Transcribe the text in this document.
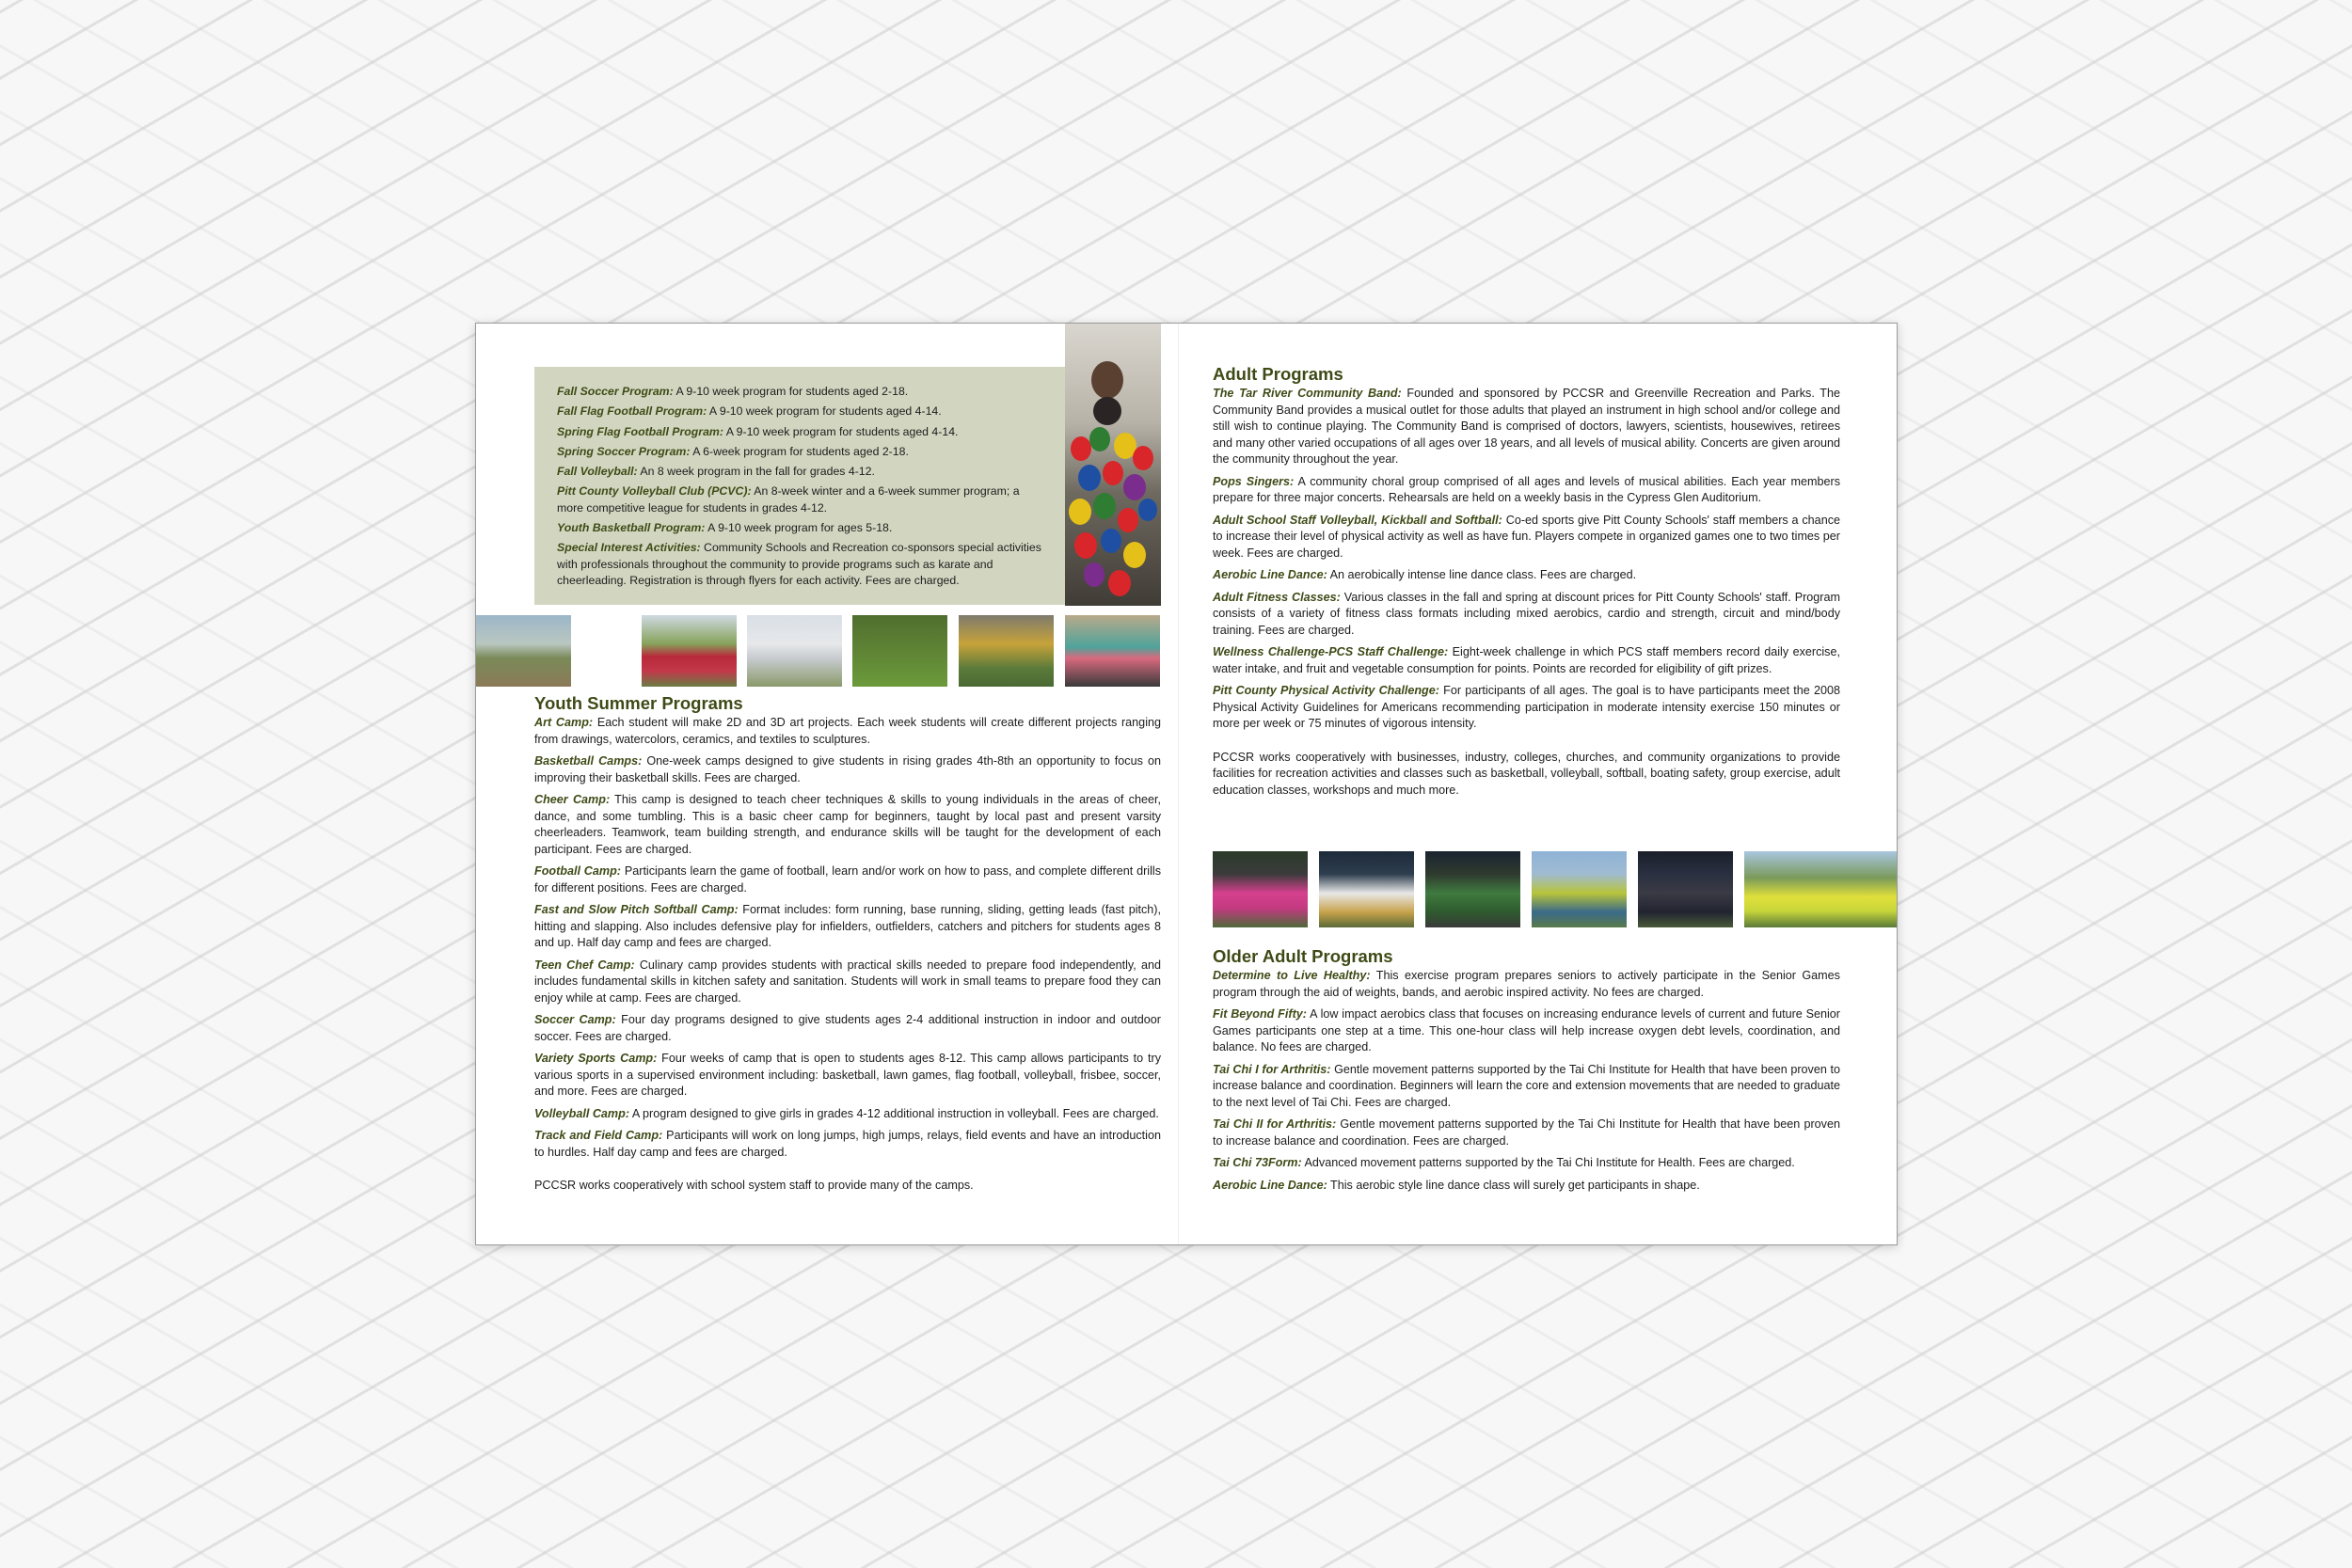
Fall Soccer Program: A 9-10 week program for students aged 2-18.

Fall Flag Football Program: A 9-10 week program for students aged 4-14.

Spring Flag Football Program: A 9-10 week program for students aged 4-14.

Spring Soccer Program: A 6-week program for students aged 2-18.

Fall Volleyball: An 8 week program in the fall for grades 4-12.

Pitt County Volleyball Club (PCVC): An 8-week winter and a 6-week summer program; a more competitive league for students in grades 4-12.

Youth Basketball Program: A 9-10 week program for ages 5-18.

Special Interest Activities: Community Schools and Recreation co-sponsors special activities with professionals throughout the community to provide programs such as karate and cheerleading. Registration is through flyers for each activity. Fees are charged.

Youth Summer Programs

Art Camp: Each student will make 2D and 3D art projects. Each week students will create different projects ranging from drawings, watercolors, ceramics, and textiles to sculptures.

Basketball Camps: One-week camps designed to give students in rising grades 4th-8th an opportunity to focus on improving their basketball skills. Fees are charged.

Cheer Camp: This camp is designed to teach cheer techniques & skills to young individuals in the areas of cheer, dance, and some tumbling. This is a basic cheer camp for beginners, taught by local past and present varsity cheerleaders. Teamwork, team building strength, and endurance skills will be taught for the development of each participant. Fees are charged.

Football Camp: Participants learn the game of football, learn and/or work on how to pass, and complete different drills for different positions. Fees are charged.

Fast and Slow Pitch Softball Camp: Format includes: form running, base running, sliding, getting leads (fast pitch), hitting and slapping. Also includes defensive play for infielders, outfielders, catchers and pitchers for students ages 8 and up. Half day camp and fees are charged.

Teen Chef Camp: Culinary camp provides students with practical skills needed to prepare food independently, and includes fundamental skills in kitchen safety and sanitation. Students will work in small teams to prepare food they can enjoy while at camp. Fees are charged.

Soccer Camp: Four day programs designed to give students ages 2-4 additional instruction in indoor and outdoor soccer. Fees are charged.

Variety Sports Camp: Four weeks of camp that is open to students ages 8-12. This camp allows participants to try various sports in a supervised environment including: basketball, lawn games, flag football, volleyball, frisbee, soccer, and more. Fees are charged.

Volleyball Camp: A program designed to give girls in grades 4-12 additional instruction in volleyball. Fees are charged.

Track and Field Camp: Participants will work on long jumps, high jumps, relays, field events and have an introduction to hurdles. Half day camp and fees are charged.

PCCSR works cooperatively with school system staff to provide many of the camps.

Adult Programs

The Tar River Community Band: Founded and sponsored by PCCSR and Greenville Recreation and Parks. The Community Band provides a musical outlet for those adults that played an instrument in high school and/or college and still wish to continue playing. The Community Band is comprised of doctors, lawyers, scientists, housewives, retirees and many other varied occupations of all ages over 18 years, and all levels of musical ability. Concerts are given around the community throughout the year.

Pops Singers: A community choral group comprised of all ages and levels of musical abilities. Each year members prepare for three major concerts. Rehearsals are held on a weekly basis in the Cypress Glen Auditorium.

Adult School Staff Volleyball, Kickball and Softball: Co-ed sports give Pitt County Schools' staff members a chance to increase their level of physical activity as well as have fun. Players compete in organized games one to two times per week. Fees are charged.

Aerobic Line Dance: An aerobically intense line dance class. Fees are charged.

Adult Fitness Classes: Various classes in the fall and spring at discount prices for Pitt County Schools' staff. Program consists of a variety of fitness class formats including mixed aerobics, cardio and strength, circuit and mind/body training. Fees are charged.

Wellness Challenge-PCS Staff Challenge: Eight-week challenge in which PCS staff members record daily exercise, water intake, and fruit and vegetable consumption for points. Points are recorded for eligibility of gift prizes.

Pitt County Physical Activity Challenge: For participants of all ages. The goal is to have participants meet the 2008 Physical Activity Guidelines for Americans recommending participation in moderate intensity exercise 150 minutes or more per week or 75 minutes of vigorous intensity.

PCCSR works cooperatively with businesses, industry, colleges, churches, and community organizations to provide facilities for recreation activities and classes such as basketball, volleyball, softball, boating safety, group exercise, adult education classes, workshops and much more.

Older Adult Programs

Determine to Live Healthy: This exercise program prepares seniors to actively participate in the Senior Games program through the aid of weights, bands, and aerobic inspired activity. No fees are charged.

Fit Beyond Fifty: A low impact aerobics class that focuses on increasing endurance levels of current and future Senior Games participants one step at a time. This one-hour class will help increase oxygen debt levels, coordination, and balance. No fees are charged.

Tai Chi I for Arthritis: Gentle movement patterns supported by the Tai Chi Institute for Health that have been proven to increase balance and coordination. Beginners will learn the core and extension movements that are needed to graduate to the next level of Tai Chi. Fees are charged.

Tai Chi II for Arthritis: Gentle movement patterns supported by the Tai Chi Institute for Health that have been proven to increase balance and coordination. Fees are charged.

Tai Chi 73Form: Advanced movement patterns supported by the Tai Chi Institute for Health. Fees are charged.

Aerobic Line Dance: This aerobic style line dance class will surely get participants in shape.
